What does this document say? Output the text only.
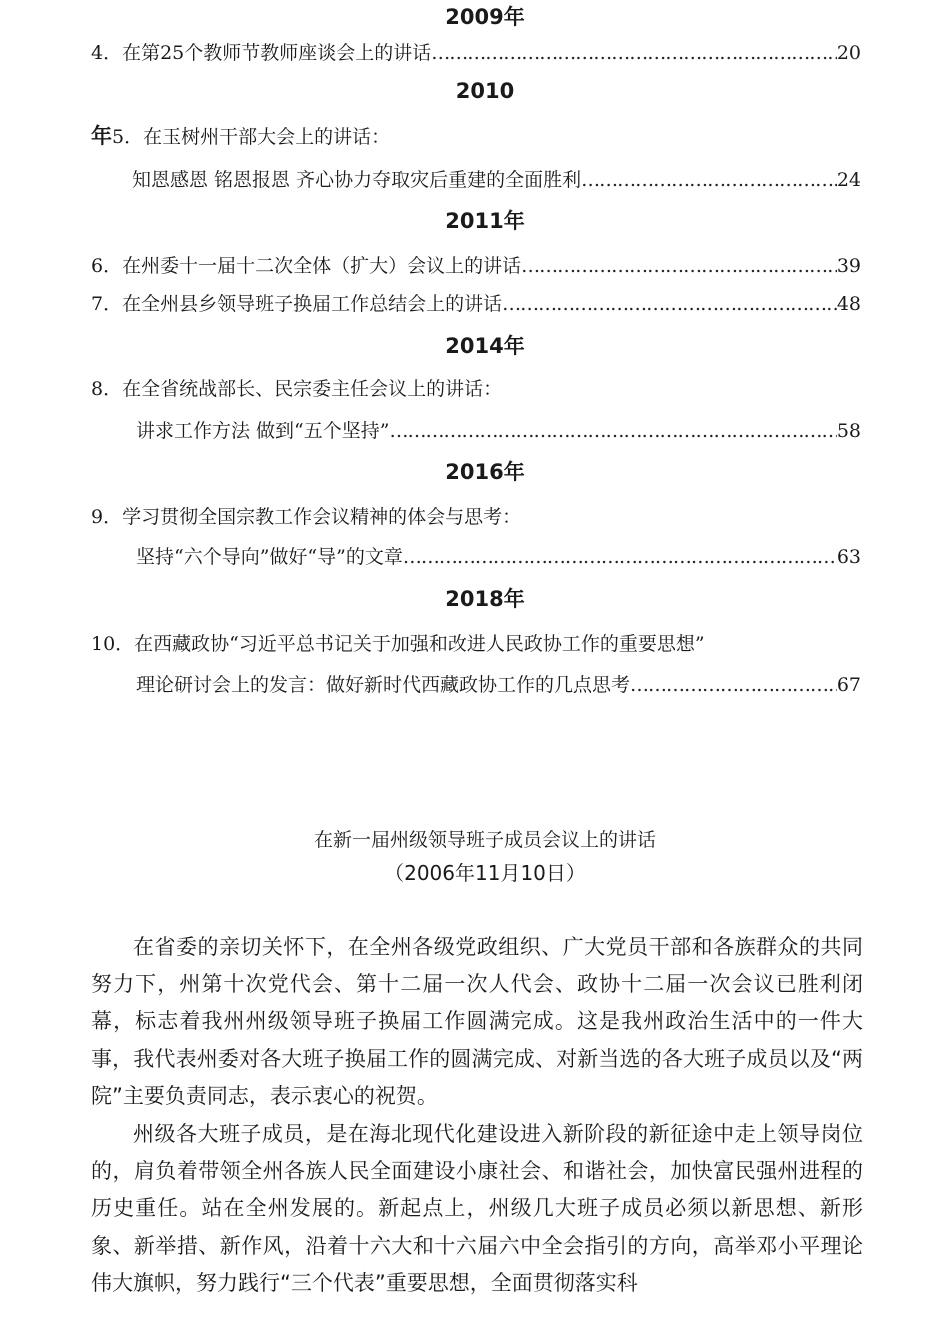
2009年
4．在第25个教师节教师座谈会上的讲话 …………………………………………………………………………………………………………………………………………………………………………………………	20
2010
年 5．在玉树州干部大会上的讲话：
知恩感恩 铭恩报恩 齐心协力夺取灾后重建的全面胜利 …………………………………………………………………………………………………………………………………………………………………………………………	24
2011年
6．在州委十一届十二次全体（扩大）会议上的讲话 …………………………………………………………………………………………………………………………………………………………………………………………	39
7．在全州县乡领导班子换届工作总结会上的讲话 …………………………………………………………………………………………………………………………………………………………………………………………	48
2014年
8．在全省统战部长、民宗委主任会议上的讲话：
讲求工作方法 做到“五个坚持” …………………………………………………………………………………………………………………………………………………………………………………………	58
2016年
9．学习贯彻全国宗教工作会议精神的体会与思考：
坚持“六个导向”做好“导”的文章 …………………………………………………………………………………………………………………………………………………………………………………………	63
2018年
10．在西藏政协“习近平总书记关于加强和改进人民政协工作的重要思想”
理论研讨会上的发言：做好新时代西藏政协工作的几点思考 …………………………………………………………………………………………………………………………………………………………………………………………	67
在新一届州级领导班子成员会议上的讲话
（2006年11月10日）

在省委的亲切关怀下，在全州各级党政组织、广大党员干部和各族群众的共同努力下，州第十次党代会、第十二届一次人代会、政协十二届一次会议已胜利闭幕，标志着我州州级领导班子换届工作圆满完成。这是我州政治生活中的一件大事，我代表州委对各大班子换届工作的圆满完成、对新当选的各大班子成员以及“两院”主要负责同志，表示衷心的祝贺。

州级各大班子成员，是在海北现代化建设进入新阶段的新征途中走上领导岗位的，肩负着带领全州各族人民全面建设小康社会、和谐社会，加快富民强州进程的历史重任。站在全州发展的。新起点上，州级几大班子成员必须以新思想、新形象、新举措、新作风，沿着十六大和十六届六中全会指引的方向，高举邓小平理论伟大旗帜，努力践行“三个代表”重要思想，全面贯彻落实科
